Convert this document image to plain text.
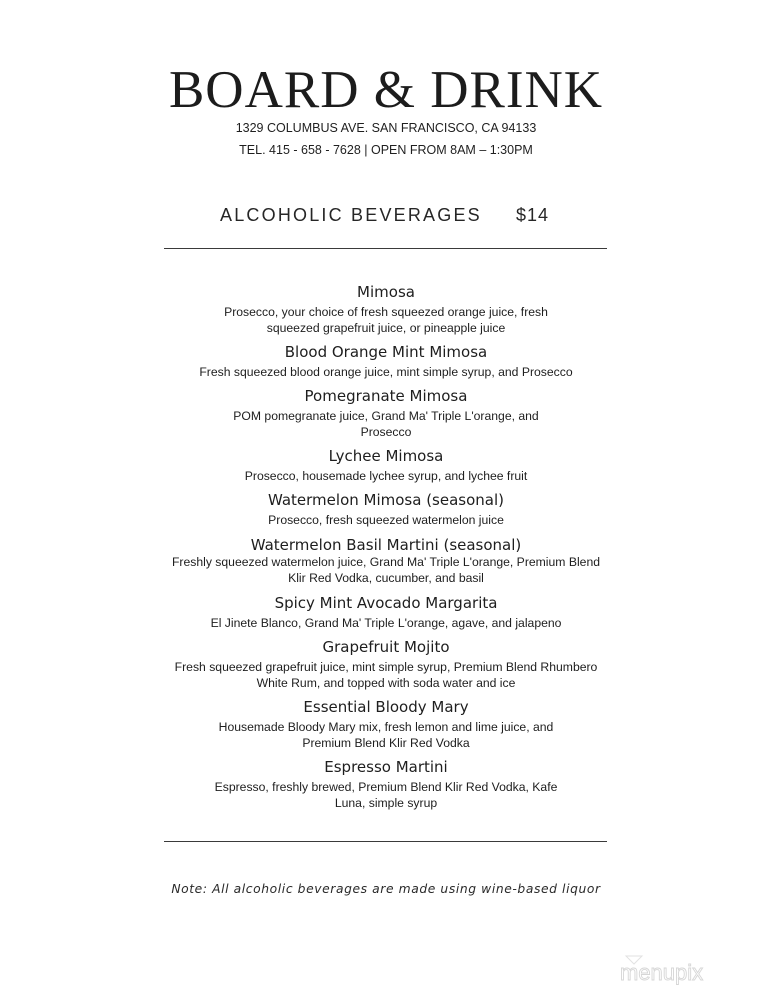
BOARD & DRINK
1329 COLUMBUS AVE. SAN FRANCISCO, CA 94133
TEL. 415 - 658 - 7628 | OPEN FROM 8AM – 1:30PM
ALCOHOLIC BEVERAGES $14
Mimosa
Prosecco, your choice of fresh squeezed orange juice, fresh
squeezed grapefruit juice, or pineapple juice
Blood Orange Mint Mimosa
Fresh squeezed blood orange juice, mint simple syrup, and Prosecco
Pomegranate Mimosa
POM pomegranate juice, Grand Ma' Triple L'orange, and
Prosecco
Lychee Mimosa
Prosecco, housemade lychee syrup, and lychee fruit
Watermelon Mimosa (seasonal)
Prosecco, fresh squeezed watermelon juice
Watermelon Basil Martini (seasonal)
Freshly squeezed watermelon juice, Grand Ma' Triple L'orange, Premium Blend
Klir Red Vodka, cucumber, and basil
Spicy Mint Avocado Margarita
El Jinete Blanco, Grand Ma' Triple L'orange, agave, and jalapeno
Grapefruit Mojito
Fresh squeezed grapefruit juice, mint simple syrup, Premium Blend Rhumbero
White Rum, and topped with soda water and ice
Essential Bloody Mary
Housemade Bloody Mary mix, fresh lemon and lime juice, and
Premium Blend Klir Red Vodka
Espresso Martini
Espresso, freshly brewed, Premium Blend Klir Red Vodka, Kafe
Luna, simple syrup
Note: All alcoholic beverages are made using wine-based liquor
menupix
